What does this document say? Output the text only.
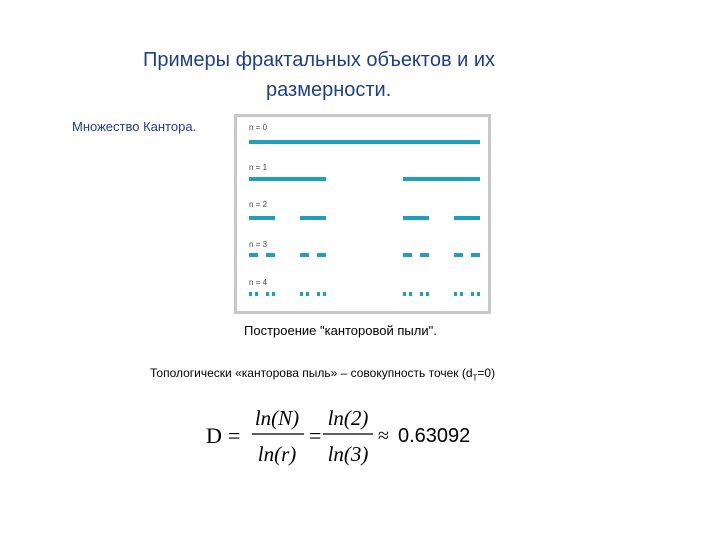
Примеры фрактальных объектов и их
размерности.
Множество Кантора.	n = 0
n = 1
n = 2
n = 3
n = 4
Построение "канторовой пыли".
Топологически «канторова пыль» – совокупность точек $(d_T=0)$
D =
ln(N)
ln(r)
=
ln(2)
ln(3)
≈ 0.63092
